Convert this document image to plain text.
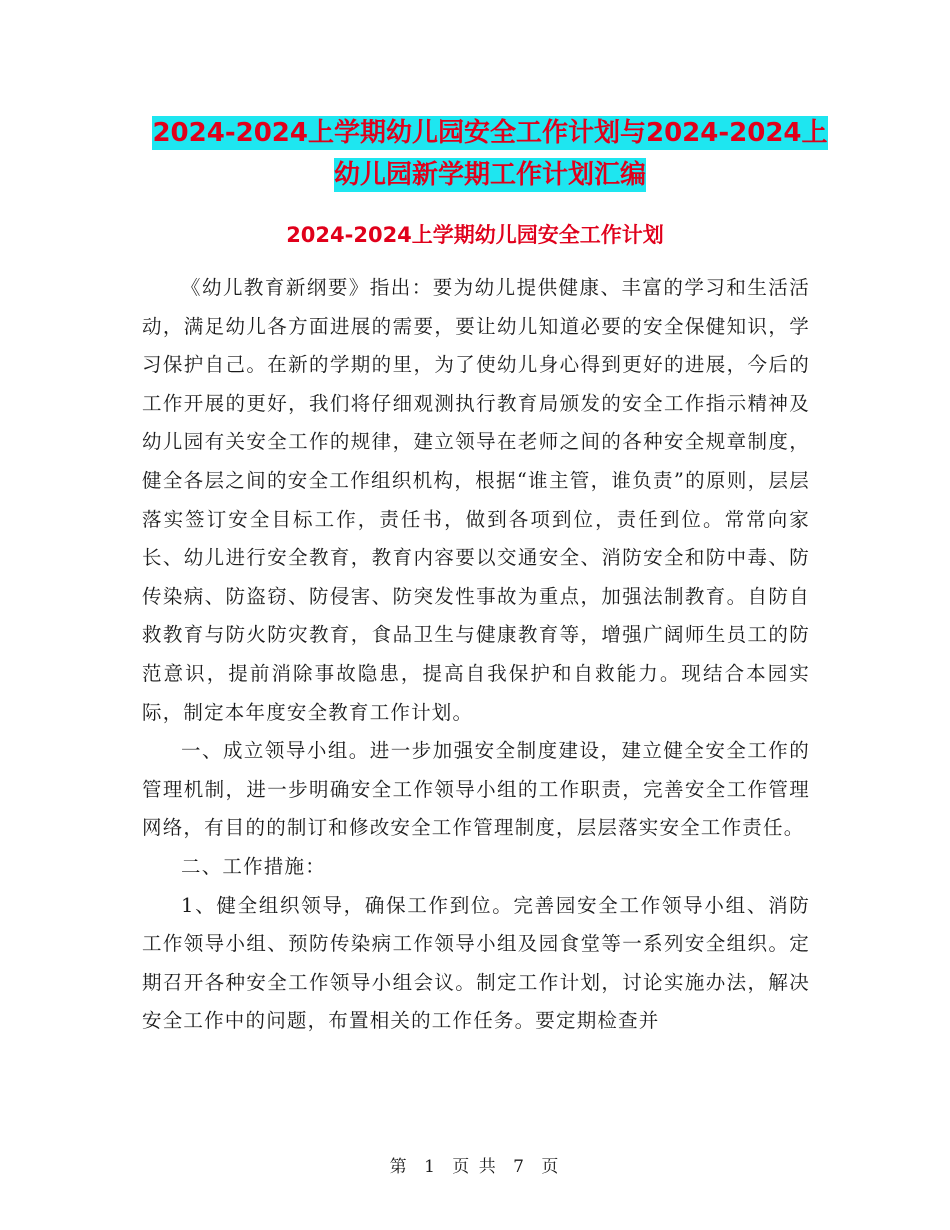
2024-2024上学期幼儿园安全工作计划与2024-2024上
幼儿园新学期工作计划汇编
2024-2024上学期幼儿园安全工作计划

《幼儿教育新纲要》指出：要为幼儿提供健康、丰富的学习和生活活动，满足幼儿各方面进展的需要，要让幼儿知道必要的安全保健知识，学习保护自己。在新的学期的里，为了使幼儿身心得到更好的进展，今后的工作开展的更好，我们将仔细观测执行教育局颁发的安全工作指示精神及幼儿园有关安全工作的规律，建立领导在老师之间的各种安全规章制度，健全各层之间的安全工作组织机构，根据“谁主管，谁负责”的原则，层层落实签订安全目标工作，责任书，做到各项到位，责任到位。常常向家长、幼儿进行安全教育，教育内容要以交通安全、消防安全和防中毒、防传染病、防盗窃、防侵害、防突发性事故为重点，加强法制教育。自防自救教育与防火防灾教育，食品卫生与健康教育等，增强广阔师生员工的防范意识，提前消除事故隐患，提高自我保护和自救能力。现结合本园实际，制定本年度安全教育工作计划。

一、成立领导小组。进一步加强安全制度建设，建立健全安全工作的管理机制，进一步明确安全工作领导小组的工作职责，完善安全工作管理网络，有目的的制订和修改安全工作管理制度，层层落实安全工作责任。

二、工作措施：

1、健全组织领导，确保工作到位。完善园安全工作领导小组、消防工作领导小组、预防传染病工作领导小组及园食堂等一系列安全组织。定期召开各种安全工作领导小组会议。制定工作计划，讨论实施办法，解决安全工作中的问题，布置相关的工作任务。要定期检查并

第 1 页 共 7 页
